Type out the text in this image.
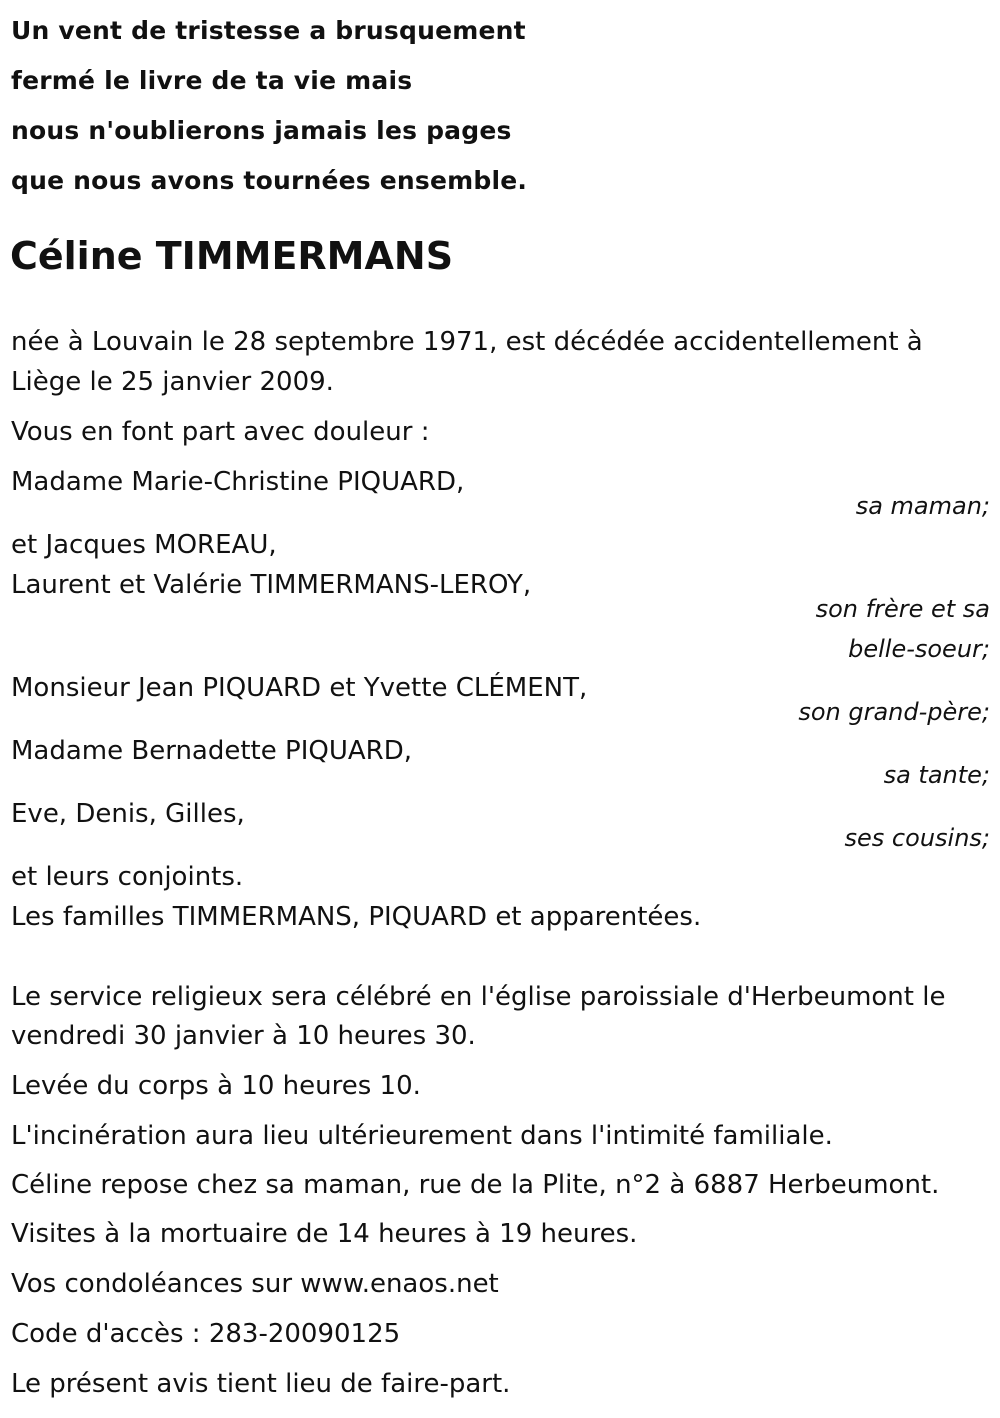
Un vent de tristesse a brusquement
fermé le livre de ta vie mais
nous n'oublierons jamais les pages
que nous avons tournées ensemble.
Céline TIMMERMANS
née à Louvain le 28 septembre 1971, est décédée accidentellement à
Liège le 25 janvier 2009.
Vous en font part avec douleur :
Madame Marie-Christine PIQUARD,
sa maman;
et Jacques MOREAU,
Laurent et Valérie TIMMERMANS-LEROY,
son frère et sa
belle-soeur;
Monsieur Jean PIQUARD et Yvette CLÉMENT,
son grand-père;
Madame Bernadette PIQUARD,
sa tante;
Eve, Denis, Gilles,
ses cousins;
et leurs conjoints.
Les familles TIMMERMANS, PIQUARD et apparentées.
Le service religieux sera célébré en l'église paroissiale d'Herbeumont le
vendredi 30 janvier à 10 heures 30.
Levée du corps à 10 heures 10.
L'incinération aura lieu ultérieurement dans l'intimité familiale.
Céline repose chez sa maman, rue de la Plite, n°2 à 6887 Herbeumont.
Visites à la mortuaire de 14 heures à 19 heures.
Vos condoléances sur www.enaos.net
Code d'accès : 283-20090125
Le présent avis tient lieu de faire-part.
